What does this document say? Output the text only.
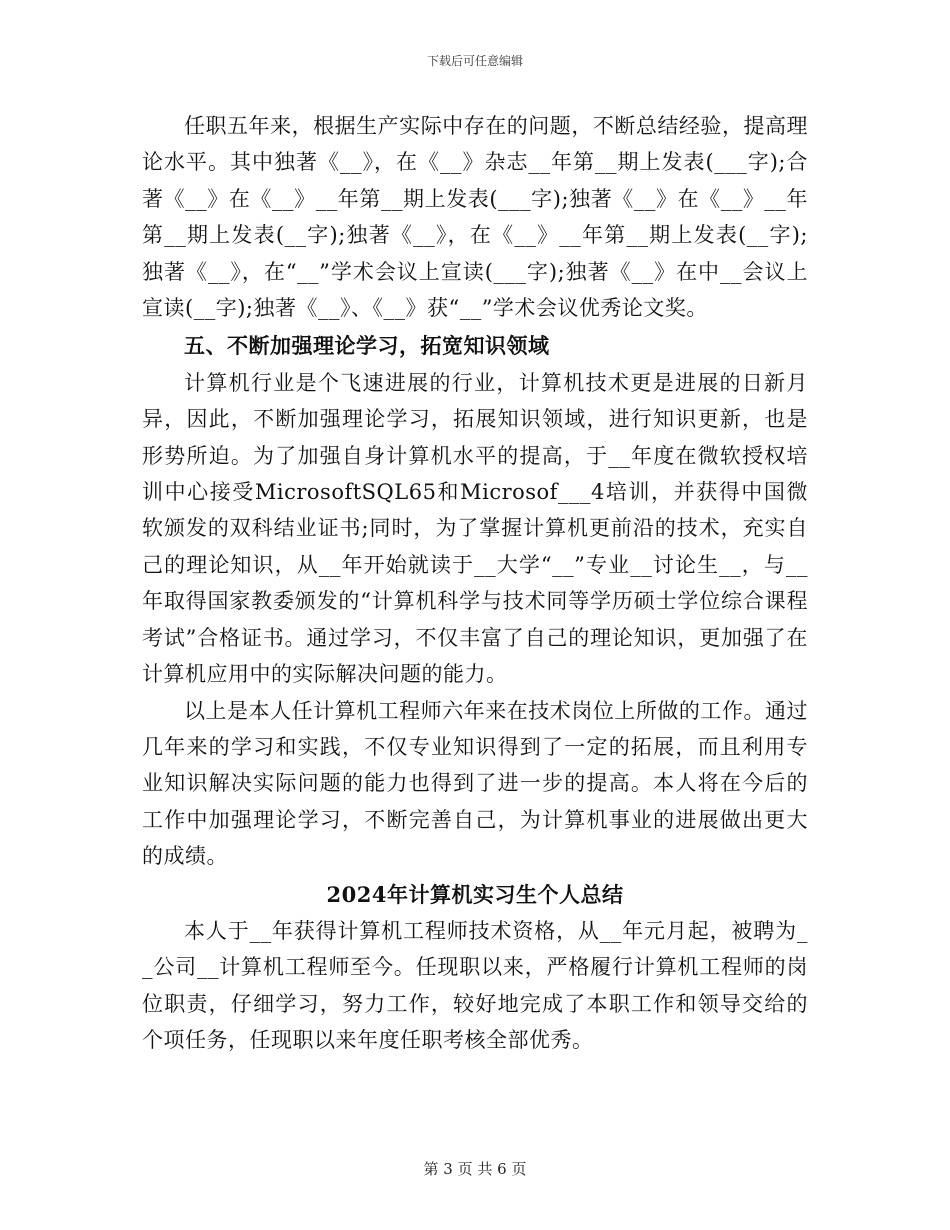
下载后可任意编辑

任职五年来，根据生产实际中存在的问题，不断总结经验，提高理论水平。其中独著《__》，在《__》杂志__年第__期上发表(___字);合著《__》在《__》__年第__期上发表(___字);独著《__》在《__》__年第__期上发表(__字);独著《__》，在《__》__年第__期上发表(__字);独著《__》，在“__”学术会议上宣读(___字);独著《__》在中__会议上宣读(__字);独著《__》、《__》获“__”学术会议优秀论文奖。

五、不断加强理论学习，拓宽知识领域

计算机行业是个飞速进展的行业，计算机技术更是进展的日新月异，因此，不断加强理论学习，拓展知识领域，进行知识更新，也是形势所迫。为了加强自身计算机水平的提高，于__年度在微软授权培训中心接受MicrosoftSQL65和Microsof___4培训，并获得中国微软颁发的双科结业证书;同时，为了掌握计算机更前沿的技术，充实自己的理论知识，从__年开始就读于__大学“__”专业__讨论生__，与__年取得国家教委颁发的“计算机科学与技术同等学历硕士学位综合课程考试”合格证书。通过学习，不仅丰富了自己的理论知识，更加强了在计算机应用中的实际解决问题的能力。

以上是本人任计算机工程师六年来在技术岗位上所做的工作。通过几年来的学习和实践，不仅专业知识得到了一定的拓展，而且利用专业知识解决实际问题的能力也得到了进一步的提高。本人将在今后的工作中加强理论学习，不断完善自己，为计算机事业的进展做出更大的成绩。

2024年计算机实习生个人总结

本人于__年获得计算机工程师技术资格，从__年元月起，被聘为__公司__计算机工程师至今。任现职以来，严格履行计算机工程师的岗位职责，仔细学习，努力工作，较好地完成了本职工作和领导交给的个项任务，任现职以来年度任职考核全部优秀。

第 3 页 共 6 页
